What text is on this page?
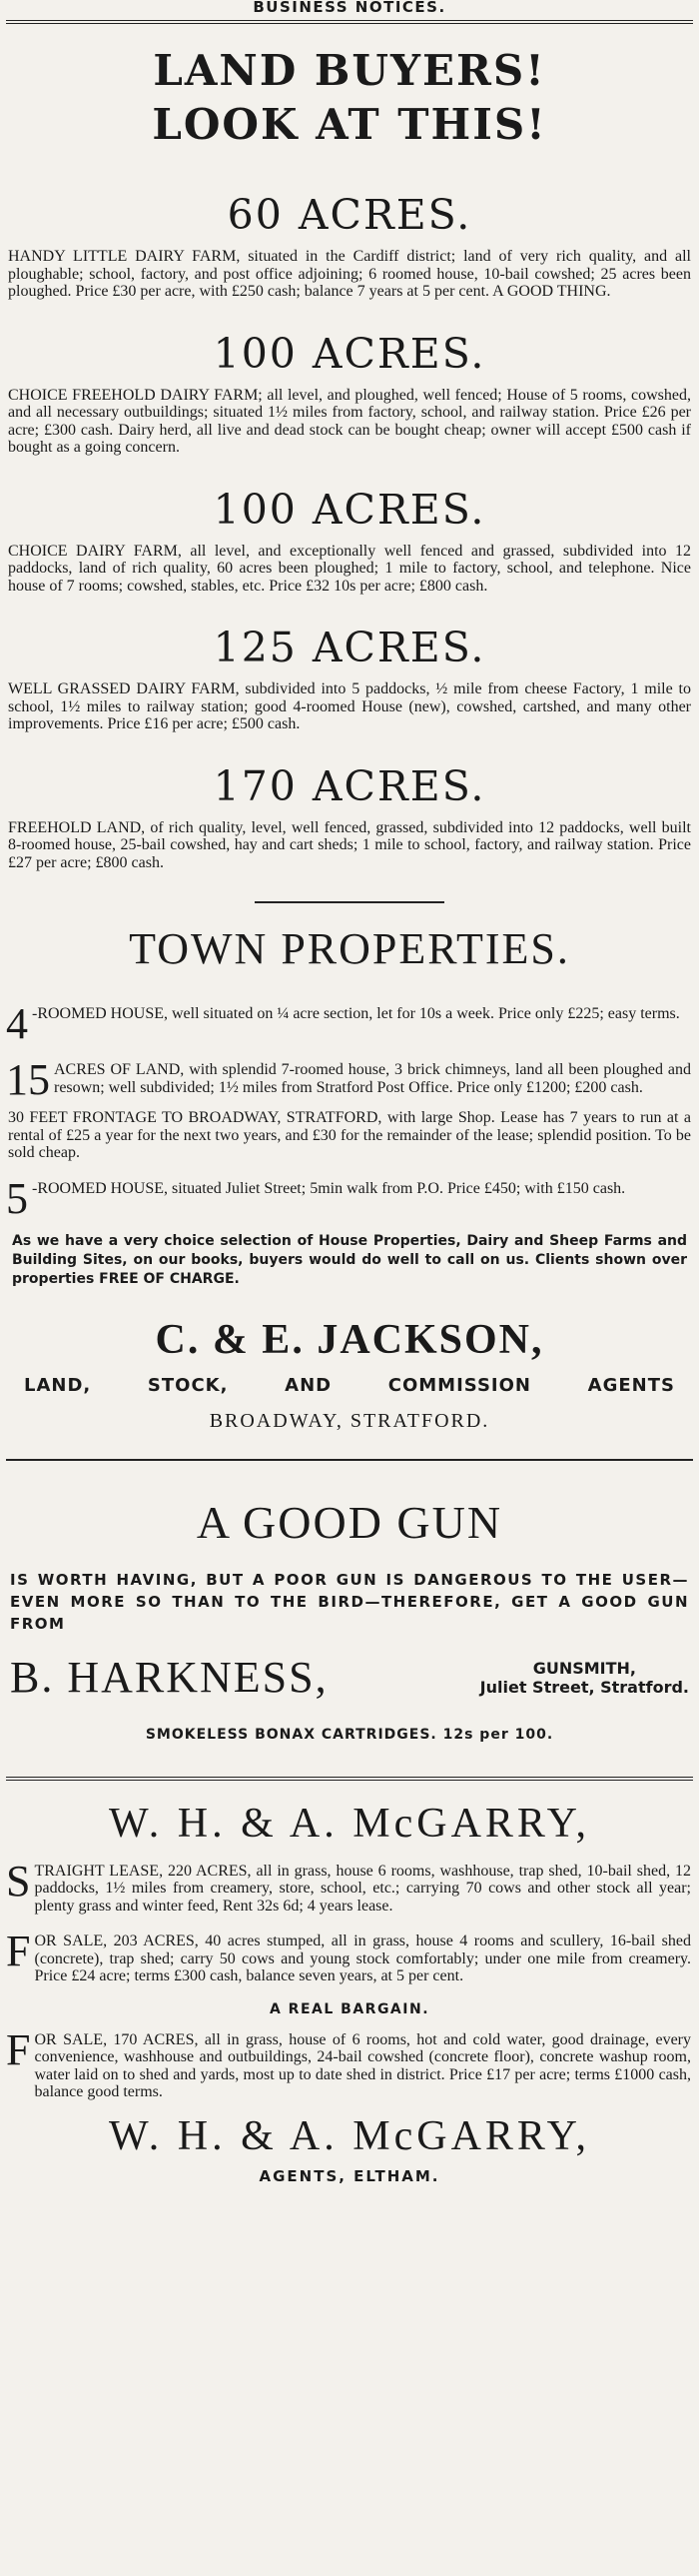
BUSINESS NOTICES.
LAND BUYERS!
LOOK AT THIS!
60 ACRES.
HANDY LITTLE DAIRY FARM, situated in the Cardiff district; land of very rich quality, and all ploughable; school, factory, and post office adjoining; 6 roomed house, 10-bail cowshed; 25 acres been ploughed. Price £30 per acre, with £250 cash; balance 7 years at 5 per cent. A GOOD THING.
100 ACRES.
CHOICE FREEHOLD DAIRY FARM; all level, and ploughed, well fenced; House of 5 rooms, cowshed, and all necessary outbuildings; situated 1½ miles from factory, school, and railway station. Price £26 per acre; £300 cash. Dairy herd, all live and dead stock can be bought cheap; owner will accept £500 cash if bought as a going concern.
100 ACRES.
CHOICE DAIRY FARM, all level, and exceptionally well fenced and grassed, subdivided into 12 paddocks, land of rich quality, 60 acres been ploughed; 1 mile to factory, school, and telephone. Nice house of 7 rooms; cowshed, stables, etc. Price £32 10s per acre; £800 cash.
125 ACRES.
WELL GRASSED DAIRY FARM, subdivided into 5 paddocks, ½ mile from cheese Factory, 1 mile to school, 1½ miles to railway station; good 4-roomed House (new), cowshed, cartshed, and many other improvements. Price £16 per acre; £500 cash.
170 ACRES.
FREEHOLD LAND, of rich quality, level, well fenced, grassed, subdivided into 12 paddocks, well built 8-roomed house, 25-bail cowshed, hay and cart sheds; 1 mile to school, factory, and railway station. Price £27 per acre; £800 cash.
TOWN PROPERTIES.
4 -ROOMED HOUSE, well situated on ¼ acre section, let for 10s a week. Price only £225; easy terms.
15 ACRES OF LAND, with splendid 7-roomed house, 3 brick chimneys, land all been ploughed and resown; well subdivided; 1½ miles from Stratford Post Office. Price only £1200; £200 cash.
30 FEET FRONTAGE TO BROADWAY, STRATFORD, with large Shop. Lease has 7 years to run at a rental of £25 a year for the next two years, and £30 for the remainder of the lease; splendid position. To be sold cheap.
5 -ROOMED HOUSE, situated Juliet Street; 5min walk from P.O. Price £450; with £150 cash.
As we have a very choice selection of House Properties, Dairy and Sheep Farms and Building Sites, on our books, buyers would do well to call on us. Clients shown over properties FREE OF CHARGE.
C. & E. JACKSON,
LAND,	STOCK,	AND	COMMISSION	AGENTS
BROADWAY, STRATFORD.
A GOOD GUN
IS WORTH HAVING, BUT A POOR GUN IS DANGEROUS TO THE USER—EVEN MORE SO THAN TO THE BIRD—THEREFORE, GET A GOOD GUN FROM
B. HARKNESS,	GUNSMITH,
Juliet Street, Stratford.
SMOKELESS BONAX CARTRIDGES. 12s per 100.
W. H. & A. McGARRY,
S TRAIGHT LEASE, 220 ACRES, all in grass, house 6 rooms, washhouse, trap shed, 10-bail shed, 12 paddocks, 1½ miles from creamery, store, school, etc.; carrying 70 cows and other stock all year; plenty grass and winter feed, Rent 32s 6d; 4 years lease.
F OR SALE, 203 ACRES, 40 acres stumped, all in grass, house 4 rooms and scullery, 16-bail shed (concrete), trap shed; carry 50 cows and young stock comfortably; under one mile from creamery. Price £24 acre; terms £300 cash, balance seven years, at 5 per cent.
A REAL BARGAIN.
F OR SALE, 170 ACRES, all in grass, house of 6 rooms, hot and cold water, good drainage, every convenience, washhouse and outbuildings, 24-bail cowshed (concrete floor), concrete washup room, water laid on to shed and yards, most up to date shed in district. Price £17 per acre; terms £1000 cash, balance good terms.
W. H. & A. McGARRY,
AGENTS, ELTHAM.
